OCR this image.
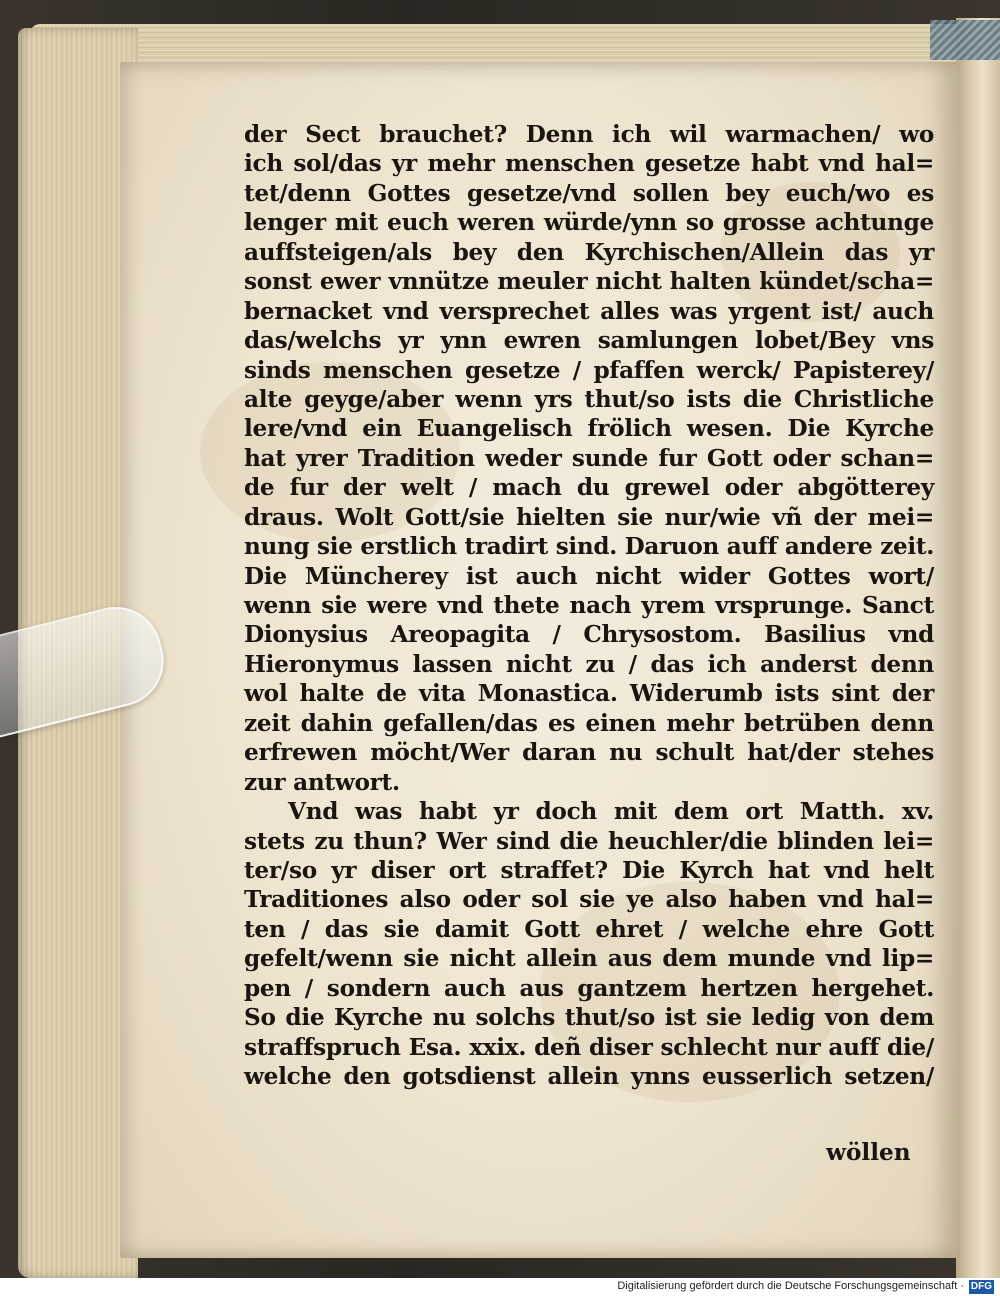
der Sect brauchet? Denn ich wil warmachen/ wo
ich sol/das yr mehr menschen gesetze habt vnd hal=
tet/denn Gottes gesetze/vnd sollen bey euch/wo es
lenger mit euch weren würde/ynn so grosse achtunge
auffsteigen/als bey den Kyrchischen/Allein das yr
sonst ewer vnnütze meuler nicht halten kündet/scha=
bernacket vnd versprechet alles was yrgent ist/ auch
das/welchs yr ynn ewren samlungen lobet/Bey vns
sinds menschen gesetze / pfaffen werck/ Papisterey/
alte geyge/aber wenn yrs thut/so ists die Christliche
lere/vnd ein Euangelisch frölich wesen. Die Kyrche
hat yrer Tradition weder sunde fur Gott oder schan=
de fur der welt / mach du grewel oder abgötterey
draus. Wolt Gott/sie hielten sie nur/wie vñ der mei=
nung sie erstlich tradirt sind. Daruon auff andere zeit.
Die Müncherey ist auch nicht wider Gottes wort/
wenn sie were vnd thete nach yrem vrsprunge. Sanct
Dionysius Areopagita / Chrysostom. Basilius vnd
Hieronymus lassen nicht zu / das ich anderst denn
wol halte de vita Monastica. Widerumb ists sint der
zeit dahin gefallen/das es einen mehr betrüben denn
erfrewen möcht/Wer daran nu schult hat/der stehes
zur antwort.
Vnd was habt yr doch mit dem ort Matth. xv.
stets zu thun? Wer sind die heuchler/die blinden lei=
ter/so yr diser ort straffet? Die Kyrch hat vnd helt
Traditiones also oder sol sie ye also haben vnd hal=
ten / das sie damit Gott ehret / welche ehre Gott
gefelt/wenn sie nicht allein aus dem munde vnd lip=
pen / sondern auch aus gantzem hertzen hergehet.
So die Kyrche nu solchs thut/so ist sie ledig von dem
straffspruch Esa. xxix. deñ diser schlecht nur auff die/
welche den gotsdienst allein ynns eusserlich setzen/
wöllen
Digitalisierung gefördert durch die Deutsche Forschungsgemeinschaft · DFG
